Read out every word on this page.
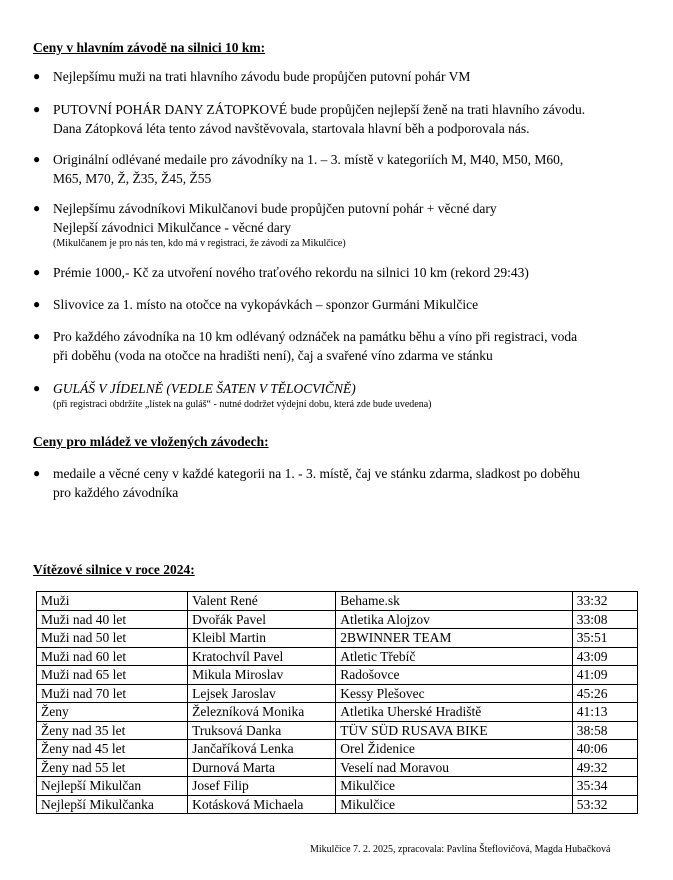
Ceny v hlavním závodě na silnici 10 km:
● Nejlepšímu muži na trati hlavního závodu bude propůjčen putovní pohár VM
● PUTOVNÍ POHÁR DANY ZÁTOPKOVÉ bude propůjčen nejlepší ženě na trati hlavního závodu.
Dana Zátopková léta tento závod navštěvovala, startovala hlavní běh a podporovala nás.
● Originální odlévané medaile pro závodníky na 1. – 3. místě v kategoriích M, M40, M50, M60,
M65, M70, Ž, Ž35, Ž45, Ž55
● Nejlepšímu závodníkovi Mikulčanovi bude propůjčen putovní pohár + věcné dary
Nejlepší závodnici Mikulčance - věcné dary
(Mikulčanem je pro nás ten, kdo má v registraci, že závodí za Mikulčice)
● Prémie 1000,- Kč za utvoření nového traťového rekordu na silnici 10 km (rekord 29:43)
● Slivovice za 1. místo na otočce na vykopávkách – sponzor Gurmáni Mikulčice
● Pro každého závodníka na 10 km odlévaný odznáček na památku běhu a víno při registraci, voda
při doběhu (voda na otočce na hradišti není), čaj a svařené víno zdarma ve stánku
● GULÁŠ V JÍDELNĚ (VEDLE ŠATEN V TĚLOCVIČNĚ)
(při registraci obdržíte „lístek na guláš“ - nutné dodržet výdejní dobu, která zde bude uvedena)
Ceny pro mládež ve vložených závodech:
● medaile a věcné ceny v každé kategorii na 1. - 3. místě, čaj ve stánku zdarma, sladkost po doběhu
pro každého závodníka
Vítězové silnice v roce 2024:
Muži	Valent René	Behame.sk	33:32
Muži nad 40 let	Dvořák Pavel	Atletika Alojzov	33:08
Muži nad 50 let	Kleibl Martin	2BWINNER TEAM	35:51
Muži nad 60 let	Kratochvíl Pavel	Atletic Třebíč	43:09
Muži nad 65 let	Mikula Miroslav	Radošovce	41:09
Muži nad 70 let	Lejsek Jaroslav	Kessy Plešovec	45:26
Ženy	Železníková Monika	Atletika Uherské Hradiště	41:13
Ženy nad 35 let	Truksová Danka	TÜV SÜD RUSAVA BIKE	38:58
Ženy nad 45 let	Jančaříková Lenka	Orel Židenice	40:06
Ženy nad 55 let	Durnová Marta	Veselí nad Moravou	49:32
Nejlepší Mikulčan	Josef Filip	Mikulčice	35:34
Nejlepší Mikulčanka	Kotásková Michaela	Mikulčice	53:32
Mikulčice 7. 2. 2025, zpracovala: Pavlína Šteflovičová, Magda Hubačková
